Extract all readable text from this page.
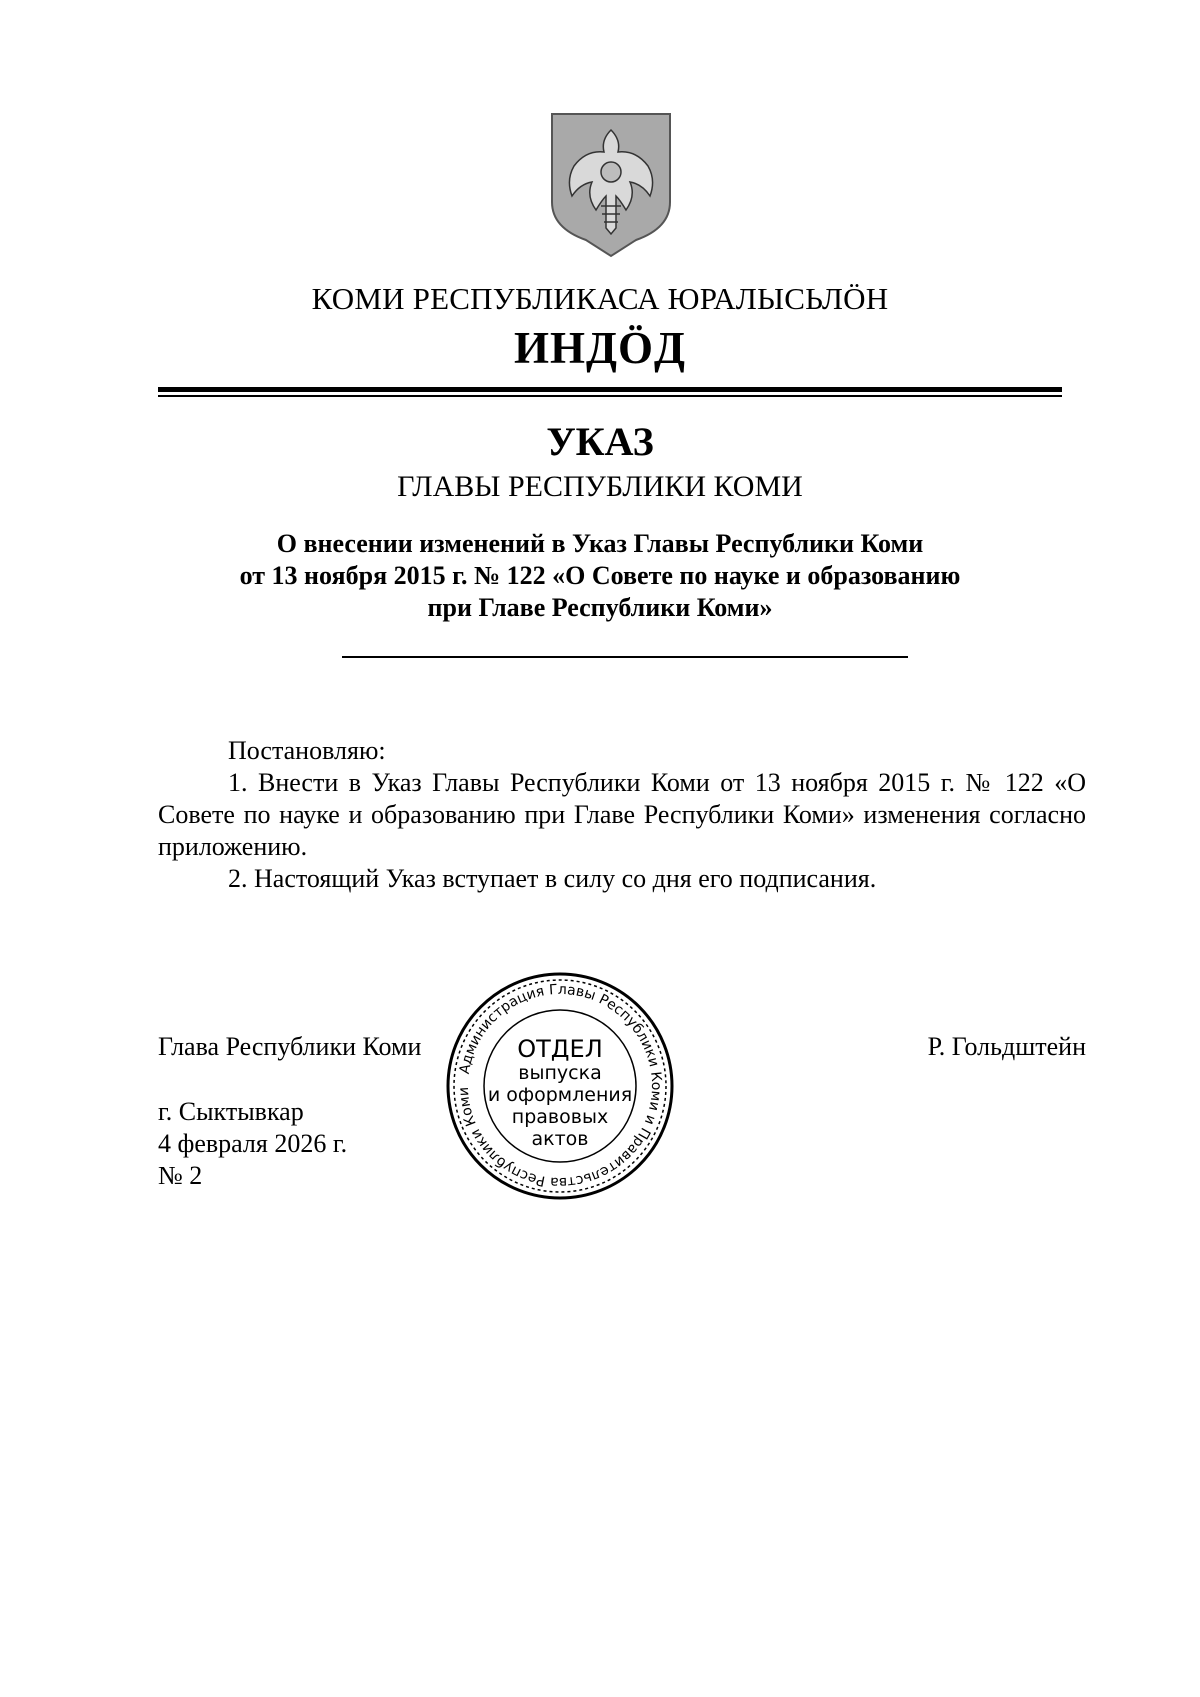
КОМИ РЕСПУБЛИКАСА ЮРАЛЫСЬЛӦН
ИНДӦД
УКАЗ
ГЛАВЫ РЕСПУБЛИКИ КОМИ
О внесении изменений в Указ Главы Республики Коми
от 13 ноября 2015 г. № 122 «О Совете по науке и образованию
при Главе Республики Коми»

Постановляю:

1. Внести в Указ Главы Республики Коми от 13 ноября 2015 г. № 122 «О Совете по науке и образованию при Главе Республики Коми» изменения согласно приложению.

2. Настоящий Указ вступает в силу со дня его подписания.

Глава Республики Коми	Р. Гольдштейн
г. Сыктывкар
4 февраля 2026 г.
№ 2
Администрация Главы Республики Коми и Правительства Республики Коми
ОТДЕЛ
выпуска
и оформления
правовых
актов
